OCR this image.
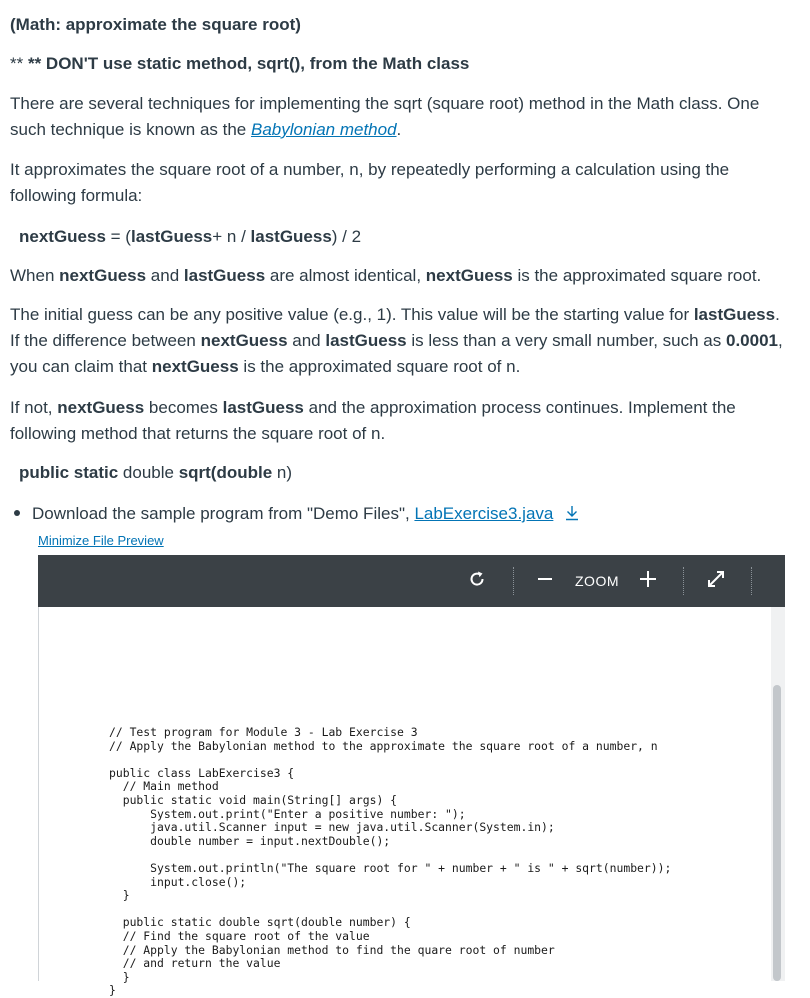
(Math: approximate the square root)
** ** DON'T use static method, sqrt(), from the Math class
There are several techniques for implementing the sqrt (square root) method in the Math class. One
such technique is known as the Babylonian method.
It approximates the square root of a number, n, by repeatedly performing a calculation using the
following formula:
nextGuess = (lastGuess+ n / lastGuess) / 2
When nextGuess and lastGuess are almost identical, nextGuess is the approximated square root.
The initial guess can be any positive value (e.g., 1). This value will be the starting value for lastGuess.
If the difference between nextGuess and lastGuess is less than a very small number, such as 0.0001,
you can claim that nextGuess is the approximated square root of n.
If not, nextGuess becomes lastGuess and the approximation process continues. Implement the
following method that returns the square root of n.
public static double sqrt(double n)
Download the sample program from "Demo Files", LabExercise3.java
Minimize File Preview
ZOOM
// Test program for Module 3 - Lab Exercise 3
// Apply the Babylonian method to the approximate the square root of a number, n

public class LabExercise3 {
// Main method
public static void main(String[] args) {
System.out.print("Enter a positive number: ");
java.util.Scanner input = new java.util.Scanner(System.in);
double number = input.nextDouble();

System.out.println("The square root for " + number + " is " + sqrt(number));
input.close();
}

public static double sqrt(double number) {
// Find the square root of the value
// Apply the Babylonian method to find the quare root of number
// and return the value
}
}
